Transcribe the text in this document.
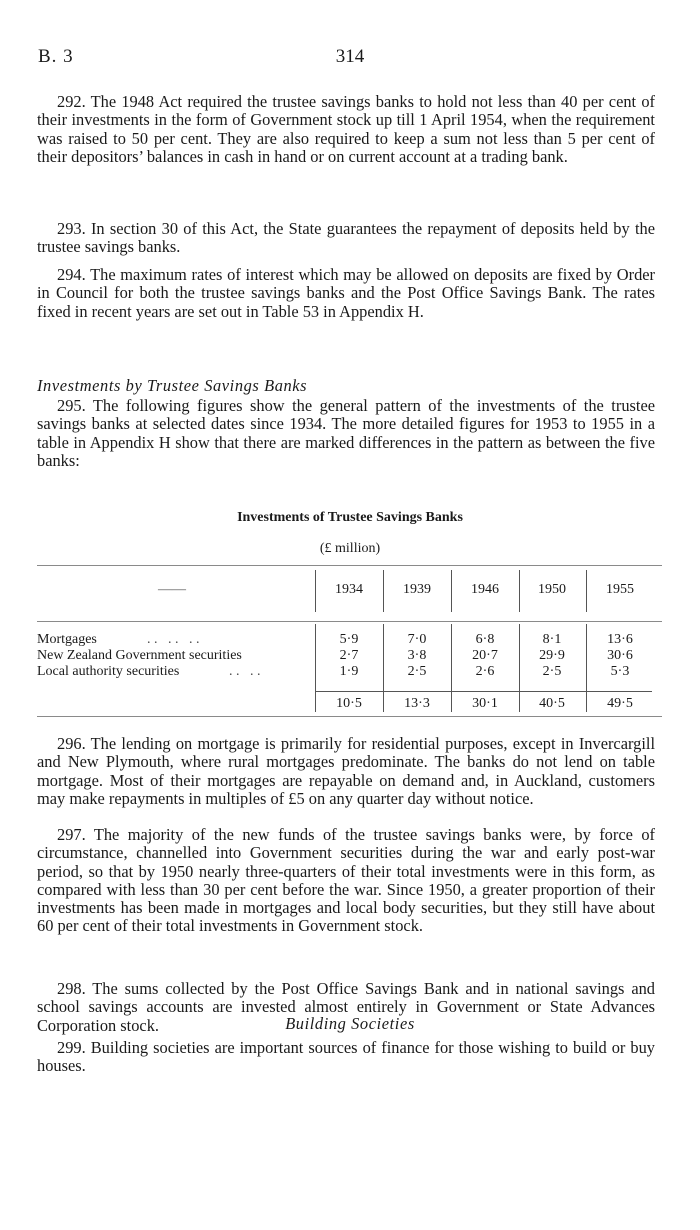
B. 3	314

292. The 1948 Act required the trustee savings banks to hold not less than 40 per cent of their investments in the form of Government stock up till 1 April 1954, when the requirement was raised to 50 per cent. They are also required to keep a sum not less than 5 per cent of their depositors’ balances in cash in hand or on current account at a trading bank.

293. In section 30 of this Act, the State guarantees the repayment of deposits held by the trustee savings banks.

294. The maximum rates of interest which may be allowed on deposits are fixed by Order in Council for both the trustee savings banks and the Post Office Savings Bank. The rates fixed in recent years are set out in Table 53 in Appendix H.

Investments by Trustee Savings Banks

295. The following figures show the general pattern of the investments of the trustee savings banks at selected dates since 1934. The more detailed figures for 1953 to 1955 in a table in Appendix H show that there are marked differences in the pattern as between the five banks:

Investments of Trustee Savings Banks
(£ million)
——	1934	1939	1946	1950	1955
Mortgages	. .   . .   . .	5·9	7·0	6·8	8·1	13·6
New Zealand Government securities	2·7	3·8	20·7	29·9	30·6
Local authority securities	. .   . .	1·9	2·5	2·6	2·5	5·3
10·5	13·3	30·1	40·5	49·5

296. The lending on mortgage is primarily for residential purposes, except in Invercargill and New Plymouth, where rural mortgages predominate. The banks do not lend on table mortgage. Most of their mortgages are repayable on demand and, in Auckland, customers may make repayments in multiples of £5 on any quarter day without notice.

297. The majority of the new funds of the trustee savings banks were, by force of circumstance, channelled into Government securities during the war and early post-war period, so that by 1950 nearly three-quarters of their total investments were in this form, as compared with less than 30 per cent before the war. Since 1950, a greater proportion of their investments has been made in mortgages and local body securities, but they still have about 60 per cent of their total investments in Government stock.

298. The sums collected by the Post Office Savings Bank and in national savings and school savings accounts are invested almost entirely in Government or State Advances Corporation stock.	Building Societies

299. Building societies are important sources of finance for those wishing to build or buy houses.
